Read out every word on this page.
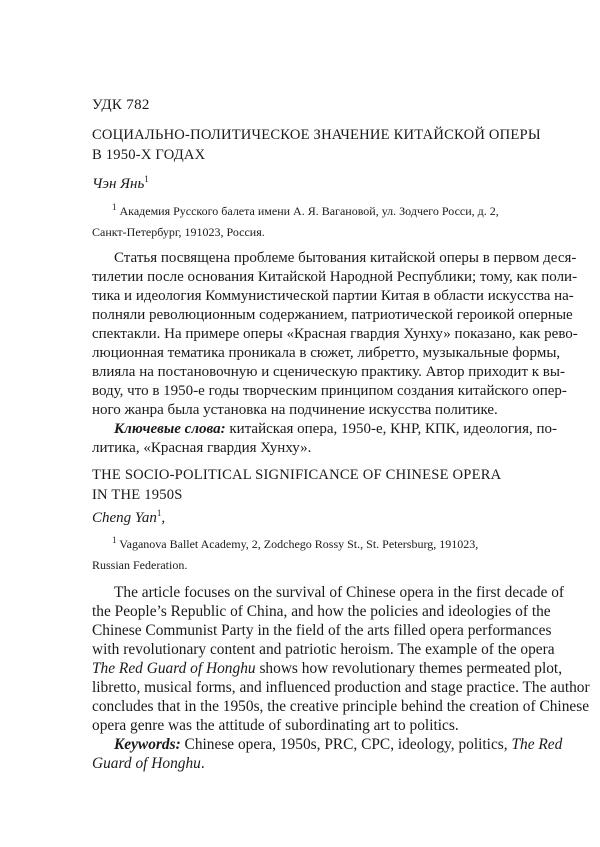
УДК 782
СОЦИАЛЬНО-ПОЛИТИЧЕСКОЕ ЗНАЧЕНИЕ КИТАЙСКОЙ ОПЕРЫ
В 1950-Х ГОДАХ
Чэн Янь$^1$
$^1$ Академия Русского балета имени А. Я. Вагановой, ул. Зодчего Росси, д. 2,
Санкт-Петербург, 191023, Россия.
Статья посвящена проблеме бытования китайской оперы в первом деся-
тилетии после основания Китайской Народной Республики; тому, как поли-
тика и идеология Коммунистической партии Китая в области искусства на-
полняли революционным содержанием, патриотической героикой оперные
спектакли. На примере оперы «Красная гвардия Хунху» показано, как рево-
люционная тематика проникала в сюжет, либретто, музыкальные формы,
влияла на постановочную и сценическую практику. Автор приходит к вы-
воду, что в 1950-е годы творческим принципом создания китайского опер-
ного жанра была установка на подчинение искусства политике.
Ключевые слова: китайская опера, 1950-е, КНР, КПК, идеология, по-
литика, «Красная гвардия Хунху».
THE SOCIO-POLITICAL SIGNIFICANCE OF CHINESE OPERA
IN THE 1950S
Cheng Yan$^1$,
$^1$ Vaganova Ballet Academy, 2, Zodchego Rossy St., St. Petersburg, 191023,
Russian Federation.
The article focuses on the survival of Chinese opera in the first decade of
the People’s Republic of China, and how the policies and ideologies of the
Chinese Communist Party in the field of the arts filled opera performances
with revolutionary content and patriotic heroism. The example of the opera
The Red Guard of Honghu shows how revolutionary themes permeated plot,
libretto, musical forms, and influenced production and stage practice. The author
concludes that in the 1950s, the creative principle behind the creation of Chinese
opera genre was the attitude of subordinating art to politics.
Keywords: Chinese opera, 1950s, PRC, CPC, ideology, politics, The Red
Guard of Honghu.
